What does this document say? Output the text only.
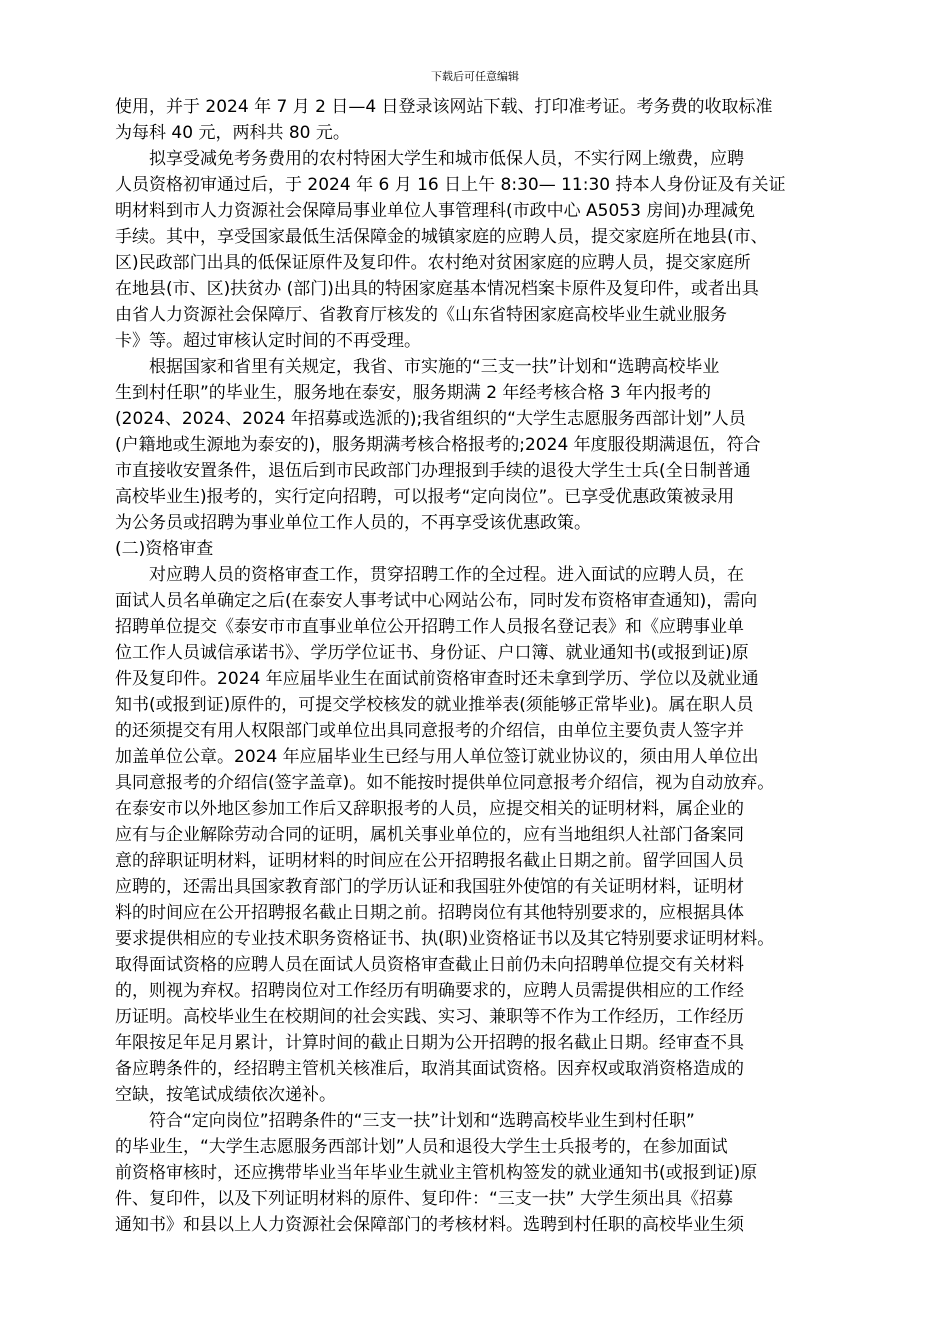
下载后可任意编辑
使用，并于 2024 年 7 月 2 日—4 日登录该网站下载、打印准考证。考务费的收取标准
为每科 40 元，两科共 80 元。
拟享受减免考务费用的农村特困大学生和城市低保人员，不实行网上缴费，应聘
人员资格初审通过后，于 2024 年 6 月 16 日上午 8:30— 11:30 持本人身份证及有关证
明材料到市人力资源社会保障局事业单位人事管理科(市政中心 A5053 房间)办理减免
手续。其中，享受国家最低生活保障金的城镇家庭的应聘人员，提交家庭所在地县(市、
区)民政部门出具的低保证原件及复印件。农村绝对贫困家庭的应聘人员，提交家庭所
在地县(市、区)扶贫办 (部门)出具的特困家庭基本情况档案卡原件及复印件，或者出具
由省人力资源社会保障厅、省教育厅核发的《山东省特困家庭高校毕业生就业服务
卡》等。超过审核认定时间的不再受理。
根据国家和省里有关规定，我省、市实施的“三支一扶”计划和“选聘高校毕业
生到村任职”的毕业生，服务地在泰安，服务期满 2 年经考核合格 3 年内报考的
(2024、2024、2024 年招募或选派的);我省组织的“大学生志愿服务西部计划”人员
(户籍地或生源地为泰安的)，服务期满考核合格报考的;2024 年度服役期满退伍，符合
市直接收安置条件，退伍后到市民政部门办理报到手续的退役大学生士兵(全日制普通
高校毕业生)报考的，实行定向招聘，可以报考“定向岗位”。已享受优惠政策被录用
为公务员或招聘为事业单位工作人员的，不再享受该优惠政策。
(二)资格审查
对应聘人员的资格审查工作，贯穿招聘工作的全过程。进入面试的应聘人员，在
面试人员名单确定之后(在泰安人事考试中心网站公布，同时发布资格审查通知)，需向
招聘单位提交《泰安市市直事业单位公开招聘工作人员报名登记表》和《应聘事业单
位工作人员诚信承诺书》、学历学位证书、身份证、户口簿、就业通知书(或报到证)原
件及复印件。2024 年应届毕业生在面试前资格审查时还未拿到学历、学位以及就业通
知书(或报到证)原件的，可提交学校核发的就业推举表(须能够正常毕业)。属在职人员
的还须提交有用人权限部门或单位出具同意报考的介绍信，由单位主要负责人签字并
加盖单位公章。2024 年应届毕业生已经与用人单位签订就业协议的，须由用人单位出
具同意报考的介绍信(签字盖章)。如不能按时提供单位同意报考介绍信，视为自动放弃。
在泰安市以外地区参加工作后又辞职报考的人员，应提交相关的证明材料，属企业的
应有与企业解除劳动合同的证明，属机关事业单位的，应有当地组织人社部门备案同
意的辞职证明材料，证明材料的时间应在公开招聘报名截止日期之前。留学回国人员
应聘的，还需出具国家教育部门的学历认证和我国驻外使馆的有关证明材料，证明材
料的时间应在公开招聘报名截止日期之前。招聘岗位有其他特别要求的，应根据具体
要求提供相应的专业技术职务资格证书、执(职)业资格证书以及其它特别要求证明材料。
取得面试资格的应聘人员在面试人员资格审查截止日前仍未向招聘单位提交有关材料
的，则视为弃权。招聘岗位对工作经历有明确要求的，应聘人员需提供相应的工作经
历证明。高校毕业生在校期间的社会实践、实习、兼职等不作为工作经历，工作经历
年限按足年足月累计，计算时间的截止日期为公开招聘的报名截止日期。经审查不具
备应聘条件的，经招聘主管机关核准后，取消其面试资格。因弃权或取消资格造成的
空缺，按笔试成绩依次递补。
符合“定向岗位”招聘条件的“三支一扶”计划和“选聘高校毕业生到村任职”
的毕业生，“大学生志愿服务西部计划”人员和退役大学生士兵报考的，在参加面试
前资格审核时，还应携带毕业当年毕业生就业主管机构签发的就业通知书(或报到证)原
件、复印件，以及下列证明材料的原件、复印件：“三支一扶” 大学生须出具《招募
通知书》和县以上人力资源社会保障部门的考核材料。选聘到村任职的高校毕业生须
